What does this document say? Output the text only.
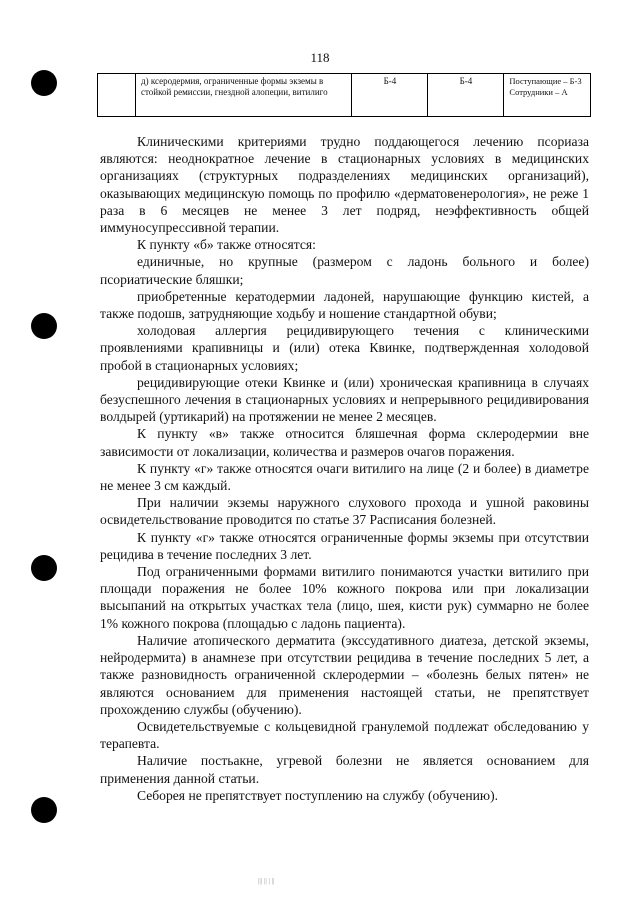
118
	д) ксеродермия, ограниченные формы экземы в стойкой ремиссии, гнездной алопеции, витилиго	Б-4	Б-4	Поступающие – Б-3 Сотрудники – А

Клиническими критериями трудно поддающегося лечению псориаза являются: неоднократное лечение в стационарных условиях в медицинских организациях (структурных подразделениях медицинских организаций), оказывающих медицинскую помощь по профилю «дерматовенерология», не реже 1 раза в 6 месяцев не менее 3 лет подряд, неэффективность общей иммуносупрессивной терапии.

К пункту «б» также относятся:

единичные, но крупные (размером с ладонь больного и более) псориатические бляшки;

приобретенные кератодермии ладоней, нарушающие функцию кистей, а также подошв, затрудняющие ходьбу и ношение стандартной обуви;

холодовая аллергия рецидивирующего течения с клиническими проявлениями крапивницы и (или) отека Квинке, подтвержденная холодовой пробой в стационарных условиях;

рецидивирующие отеки Квинке и (или) хроническая крапивница в случаях безуспешного лечения в стационарных условиях и непрерывного рецидивирования волдырей (уртикарий) на протяжении не менее 2 месяцев.

К пункту «в» также относится бляшечная форма склеродермии вне зависимости от локализации, количества и размеров очагов поражения.

К пункту «г» также относятся очаги витилиго на лице (2 и более) в диаметре не менее 3 см каждый.

При наличии экземы наружного слухового прохода и ушной раковины освидетельствование проводится по статье 37 Расписания болезней.

К пункту «г» также относятся ограниченные формы экземы при отсутствии рецидива в течение последних 3 лет.

Под ограниченными формами витилиго понимаются участки витилиго при площади поражения не более 10% кожного покрова или при локализации высыпаний на открытых участках тела (лицо, шея, кисти рук) суммарно не более 1% кожного покрова (площадью с ладонь пациента).

Наличие атопического дерматита (экссудативного диатеза, детской экземы, нейродермита) в анамнезе при отсутствии рецидива в течение последних 5 лет, а также разновидность ограниченной склеродермии – «болезнь белых пятен» не являются основанием для применения настоящей статьи, не препятствует прохождению службы (обучению).

Освидетельствуемые с кольцевидной гранулемой подлежат обследованию у терапевта.

Наличие постьакне, угревой болезни не является основанием для применения данной статьи.

Себорея не препятствует поступлению на службу (обучению).

||| || | ||
